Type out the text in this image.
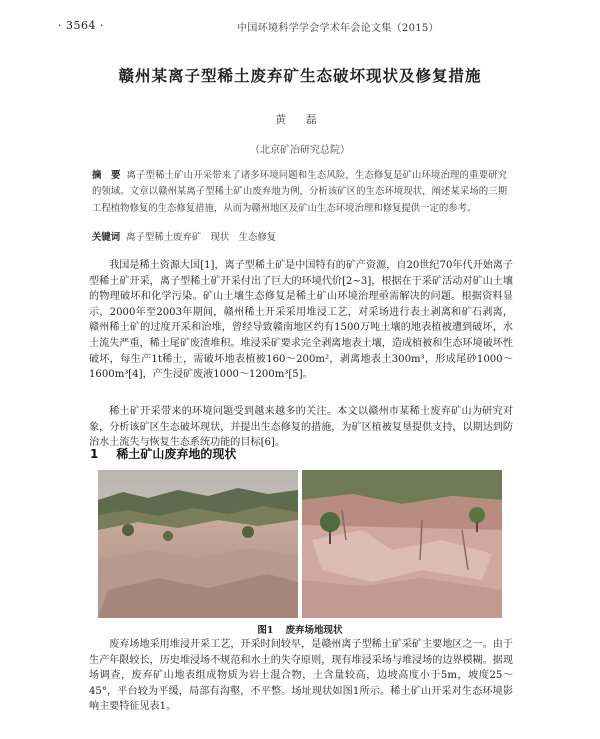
· 3564 ·	中国环境科学学会学术年会论文集（2015）
赣州某离子型稀土废弃矿生态破坏现状及修复措施
黄 磊
（北京矿冶研究总院）
摘　要 离子型稀土矿山开采带来了诸多环境问题和生态风险，生态修复是矿山环境治理的重要研究的领域。文章以赣州某离子型稀土矿山废弃地为例，分析该矿区的生态环境现状，阐述某采场的三期工程植物修复的生态修复措施，从而为赣州地区及矿山生态环境治理和修复提供一定的参考。
关键词 离子型稀土废弃矿　现状　生态修复
我国是稀土资源大国[1]，离子型稀土矿是中国特有的矿产资源，自20世纪70年代开始离子型稀土矿开采，离子型稀土矿开采付出了巨大的环境代价[2~3]，根据在于采矿活动对矿山土壤的物理破坏和化学污染。矿山土壤生态修复是稀土矿山环境治理亟需解决的问题。根据资料显示，2000年至2003年期间，赣州稀土开采采用堆浸工艺，对采场进行表土剥离和矿石剥离，赣州稀土矿的过度开采和治堆，曾经导致赣南地区约有1500万吨土壤的地表植被遭到破坏，水土流失严重，稀土尾矿废渣堆积。堆浸采矿要求完全剥离地表土壤，造成植被和生态环境破坏性破坏，每生产1t稀土，需破坏地表植被160～200m²，剥离地表土300m³，形成尾砂1000～1600m³[4]，产生浸矿废液1000～1200m³[5]。
稀土矿开采带来的环境问题受到越来越多的关注。本文以赣州市某稀土废弃矿山为研究对象，分析该矿区生态破坏现状，并提出生态修复的措施，为矿区植被复垦提供支持，以期达到防治水土流失与恢复生态系统功能的目标[6]。
1 稀土矿山废弃地的现状
图1 废弃场地现状
废弃场地采用堆浸开采工艺，开采时间较早，是赣州离子型稀土矿采矿主要地区之一。由于生产年限较长，历史堆浸场不规范和水土的失夺原则，现有堆浸采场与堆浸场的边界模糊。据现场调查，废弃矿山地表组成物质为岩土混合物，土含量较高，边坡高度小于5m，坡度25～45°，平台较为平缓，局部有沟壑，不平整。场址现状如图1所示。稀土矿山开采对生态环境影响主要特征见表1。
